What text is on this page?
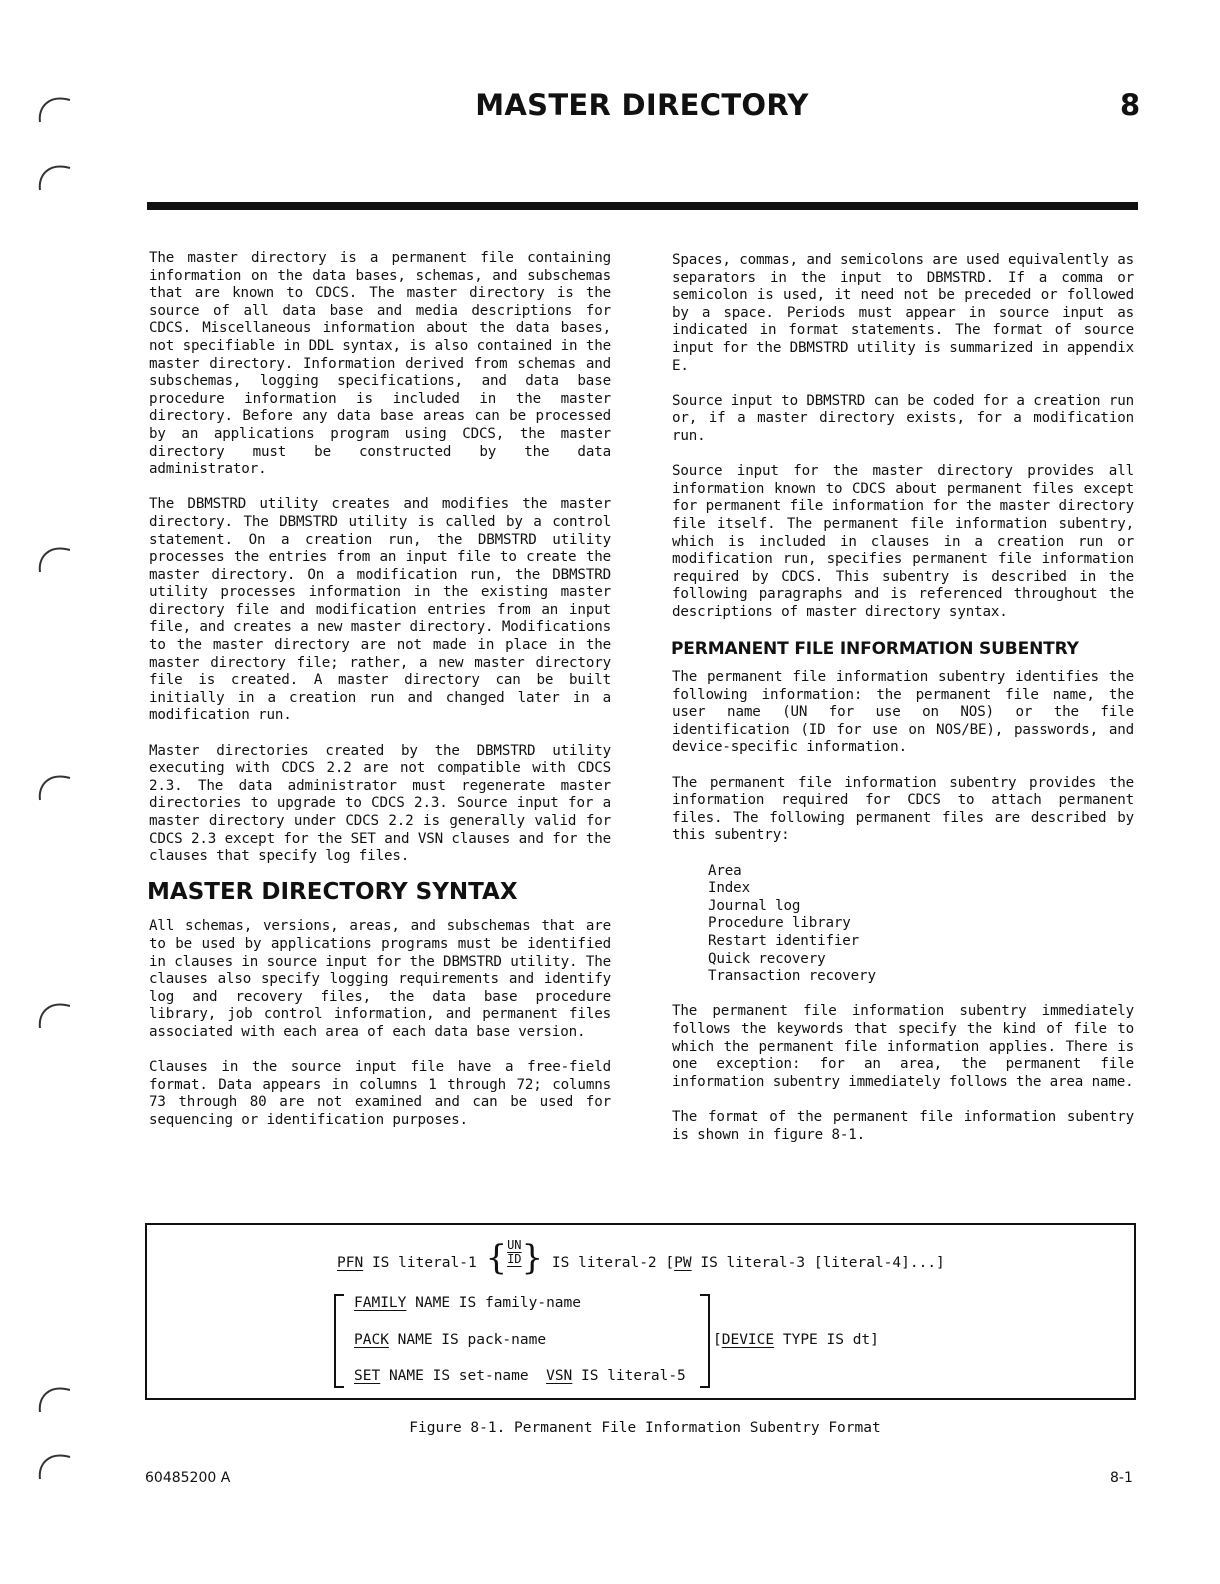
MASTER DIRECTORY	8

The master directory is a permanent file containing information on the data bases, schemas, and subschemas that are known to CDCS. The master directory is the source of all data base and media descriptions for CDCS. Miscellaneous information about the data bases, not specifiable in DDL syntax, is also contained in the master directory. Information derived from schemas and subschemas, logging specifications, and data base procedure information is included in the master directory. Before any data base areas can be processed by an applications program using CDCS, the master directory must be constructed by the data administrator.

The DBMSTRD utility creates and modifies the master directory. The DBMSTRD utility is called by a control statement. On a creation run, the DBMSTRD utility processes the entries from an input file to create the master directory. On a modification run, the DBMSTRD utility processes information in the existing master directory file and modification entries from an input file, and creates a new master directory. Modifications to the master directory are not made in place in the master directory file; rather, a new master directory file is created. A master directory can be built initially in a creation run and changed later in a modification run.

Master directories created by the DBMSTRD utility executing with CDCS 2.2 are not compatible with CDCS 2.3. The data administrator must regenerate master directories to upgrade to CDCS 2.3. Source input for a master directory under CDCS 2.2 is generally valid for CDCS 2.3 except for the SET and VSN clauses and for the clauses that specify log files.

MASTER DIRECTORY SYNTAX

All schemas, versions, areas, and subschemas that are to be used by applications programs must be identified in clauses in source input for the DBMSTRD utility. The clauses also specify logging requirements and identify log and recovery files, the data base procedure library, job control information, and permanent files associated with each area of each data base version.

Clauses in the source input file have a free-field format. Data appears in columns 1 through 72; columns 73 through 80 are not examined and can be used for sequencing or identification purposes.

Spaces, commas, and semicolons are used equivalently as separators in the input to DBMSTRD. If a comma or semicolon is used, it need not be preceded or followed by a space. Periods must appear in source input as indicated in format statements. The format of source input for the DBMSTRD utility is summarized in appendix E.

Source input to DBMSTRD can be coded for a creation run or, if a master directory exists, for a modification run.

Source input for the master directory provides all information known to CDCS about permanent files except for permanent file information for the master directory file itself. The permanent file information subentry, which is included in clauses in a creation run or modification run, specifies permanent file information required by CDCS. This subentry is described in the following paragraphs and is referenced throughout the descriptions of master directory syntax.

PERMANENT FILE INFORMATION SUBENTRY

The permanent file information subentry identifies the following information: the permanent file name, the user name (UN for use on NOS) or the file identification (ID for use on NOS/BE), passwords, and device-specific information.

The permanent file information subentry provides the information required for CDCS to attach permanent files. The following permanent files are described by this subentry:

Area
Index
Journal log
Procedure library
Restart identifier
Quick recovery
Transaction recovery

The permanent file information subentry immediately follows the keywords that specify the kind of file to which the permanent file information applies. There is one exception: for an area, the permanent file information subentry immediately follows the area name.

The format of the permanent file information subentry is shown in figure 8-1.

PFN IS literal-1 { $\frac{UN}{ID}$ } IS literal-2 [PW IS literal-3 [literal-4]...]
FAMILY NAME IS family-name
PACK NAME IS pack-name
SET NAME IS set-name VSN IS literal-5
[DEVICE TYPE IS dt]
Figure 8-1. Permanent File Information Subentry Format
60485200 A	8-1
